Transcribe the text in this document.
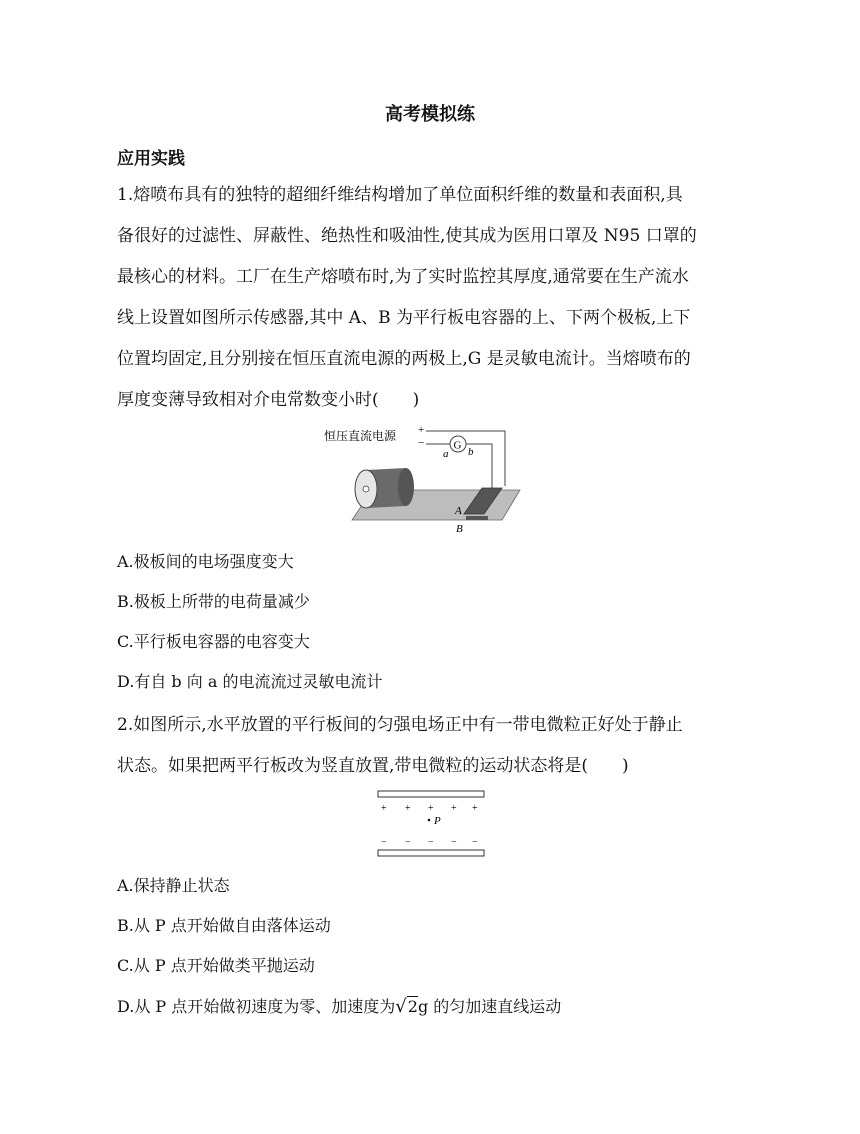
高考模拟练
应用实践
1.熔喷布具有的独特的超细纤维结构增加了单位面积纤维的数量和表面积,具
备很好的过滤性、屏蔽性、绝热性和吸油性,使其成为医用口罩及 N95 口罩的
最核心的材料。工厂在生产熔喷布时,为了实时监控其厚度,通常要在生产流水
线上设置如图所示传感器,其中 A、B 为平行板电容器的上、下两个极板,上下
位置均固定,且分别接在恒压直流电源的两极上,G 是灵敏电流计。当熔喷布的
厚度变薄导致相对介电常数变小时(　　)
恒压直流电源 +
−	G
a b
A
B
A.极板间的电场强度变大
B.极板上所带的电荷量减少
C.平行板电容器的电容变大
D.有自 b 向 a 的电流流过灵敏电流计
2.如图所示,水平放置的平行板间的匀强电场正中有一带电微粒正好处于静止
状态。如果把两平行板改为竖直放置,带电微粒的运动状态将是(　　)
+ + + + +
P
− − − − −
A.保持静止状态
B.从 P 点开始做自由落体运动
C.从 P 点开始做类平抛运动
D.从 P 点开始做初速度为零、加速度为√2g 的匀加速直线运动
